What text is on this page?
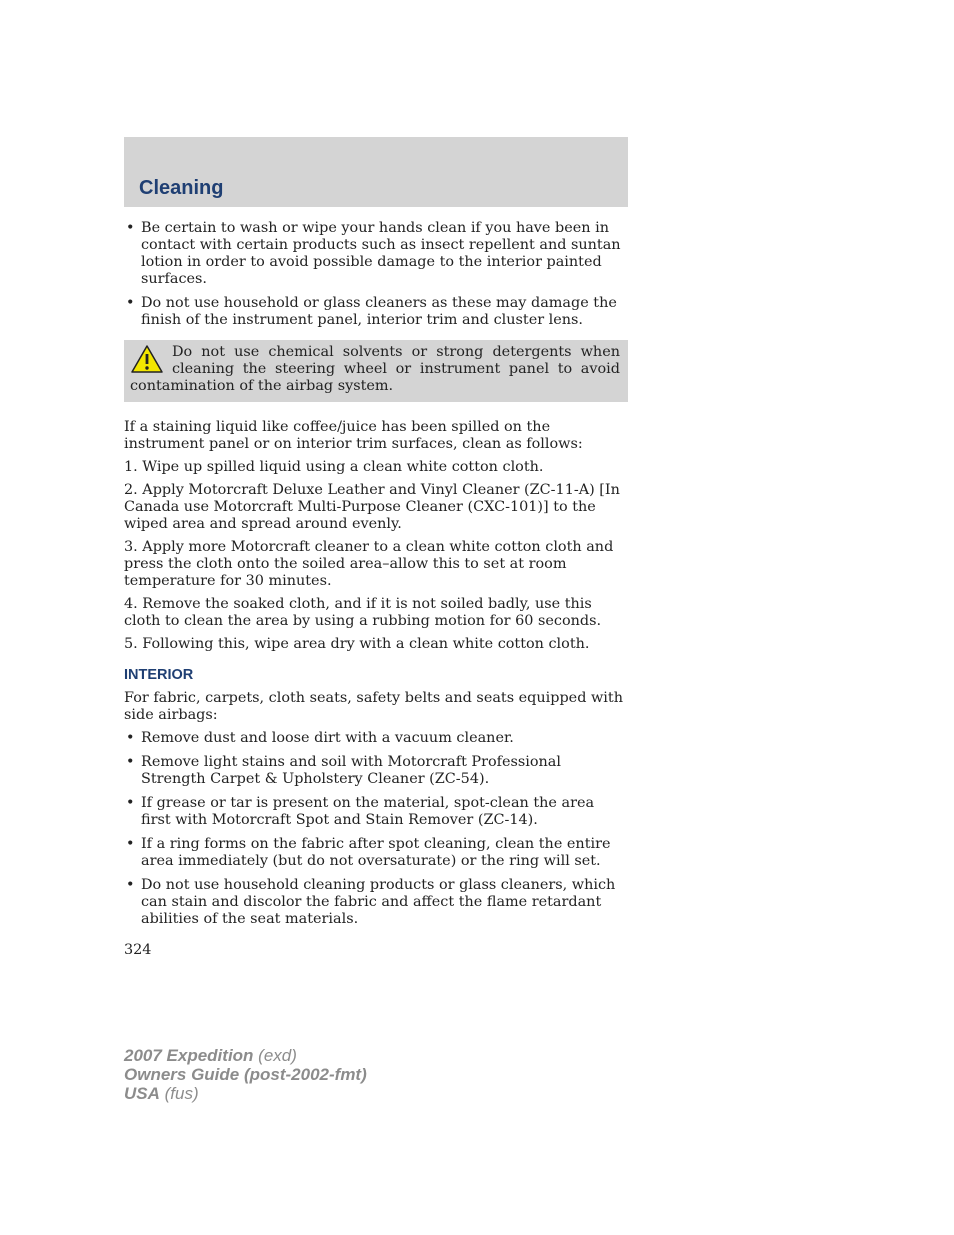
Cleaning
• Be certain to wash or wipe your hands clean if you have been in contact with certain products such as insect repellent and suntan lotion in order to avoid possible damage to the interior painted surfaces.
• Do not use household or glass cleaners as these may damage the finish of the instrument panel, interior trim and cluster lens.
Do not use chemical solvents or strong detergents when cleaning the steering wheel or instrument panel to avoid contamination of the airbag system.

If a staining liquid like coffee/juice has been spilled on the instrument panel or on interior trim surfaces, clean as follows:

1. Wipe up spilled liquid using a clean white cotton cloth.

2. Apply Motorcraft Deluxe Leather and Vinyl Cleaner (ZC-11-A) [In Canada use Motorcraft Multi-Purpose Cleaner (CXC-101)] to the wiped area and spread around evenly.

3. Apply more Motorcraft cleaner to a clean white cotton cloth and press the cloth onto the soiled area–allow this to set at room temperature for 30 minutes.

4. Remove the soaked cloth, and if it is not soiled badly, use this cloth to clean the area by using a rubbing motion for 60 seconds.

5. Following this, wipe area dry with a clean white cotton cloth.

INTERIOR

For fabric, carpets, cloth seats, safety belts and seats equipped with side airbags:

• Remove dust and loose dirt with a vacuum cleaner.
• Remove light stains and soil with Motorcraft Professional Strength Carpet & Upholstery Cleaner (ZC-54).
• If grease or tar is present on the material, spot-clean the area first with Motorcraft Spot and Stain Remover (ZC-14).
• If a ring forms on the fabric after spot cleaning, clean the entire area immediately (but do not oversaturate) or the ring will set.
• Do not use household cleaning products or glass cleaners, which can stain and discolor the fabric and affect the flame retardant abilities of the seat materials.
324
2007 Expedition (exd)
Owners Guide (post-2002-fmt)
USA (fus)
